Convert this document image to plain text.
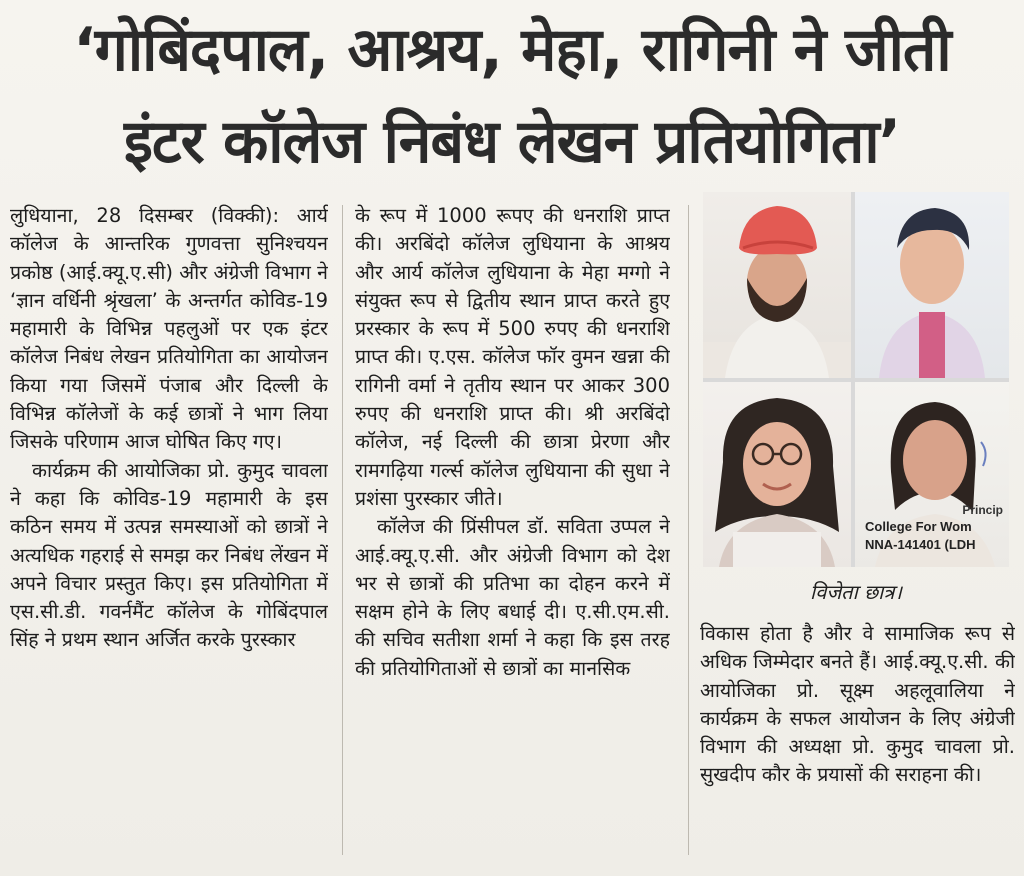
‘गोबिंदपाल, आश्रय, मेहा, रागिनी ने जीती
इंटर कॉलेज निबंध लेखन प्रतियोगिता’

लुधियाना, 28 दिसम्बर (विक्की): आर्य कॉलेज के आन्तरिक गुणवत्ता सुनिश्चयन प्रकोष्ठ (आई.क्यू.ए.सी) और अंग्रेजी विभाग ने ‘ज्ञान वर्धिनी श्रृंखला’ के अन्तर्गत कोविड-19 महामारी के विभिन्न पहलुओं पर एक इंटर कॉलेज निबंध लेखन प्रतियोगिता का आयोजन किया गया जिसमें पंजाब और दिल्ली के विभिन्न कॉलेजों के कई छात्रों ने भाग लिया जिसके परिणाम आज घोषित किए गए।

कार्यक्रम की आयोजिका प्रो. कुमुद चावला ने कहा कि कोविड-19 महामारी के इस कठिन समय में उत्पन्न समस्याओं को छात्रों ने अत्यधिक गहराई से समझ कर निबंध लेंखन में अपने विचार प्रस्तुत किए। इस प्रतियोगिता में एस.सी.डी. गवर्नमैंट कॉलेज के गोबिंदपाल सिंह ने प्रथम स्थान अर्जित करके पुरस्कार

के रूप में 1000 रूपए की धनराशि प्राप्त की। अरबिंदो कॉलेज लुधियाना के आश्रय और आर्य कॉलेज लुधियाना के मेहा मग्गो ने संयुक्त रूप से द्वितीय स्थान प्राप्त करते हुए प्ररस्कार के रूप में 500 रुपए की धनराशि प्राप्त की। ए.एस. कॉलेज फॉर वुमन खन्ना की रागिनी वर्मा ने तृतीय स्थान पर आकर 300 रुपए की धनराशि प्राप्त की। श्री अरबिंदो कॉलेज, नई दिल्ली की छात्रा प्रेरणा और रामगढ़िया गर्ल्स कॉलेज लुधियाना की सुधा ने प्रशंसा पुरस्कार जीते।

कॉलेज की प्रिंसीपल डॉ. सविता उप्पल ने आई.क्यू.ए.सी. और अंग्रेजी विभाग को देश भर से छात्रों की प्रतिभा का दोहन करने में सक्षम होने के लिए बधाई दी। ए.सी.एम.सी. की सचिव सतीशा शर्मा ने कहा कि इस तरह की प्रतियोगिताओं से छात्रों का मानसिक

Princip
College For Wom
NNA-141401 (LDH
विजेता छात्र।

विकास होता है और वे सामाजिक रूप से अधिक जिम्मेदार बनते हैं। आई.क्यू.ए.सी. की आयोजिका प्रो. सूक्ष्म अहलूवालिया ने कार्यक्रम के सफल आयोजन के लिए अंग्रेजी विभाग की अध्यक्षा प्रो. कुमुद चावला प्रो. सुखदीप कौर के प्रयासों की सराहना की।
